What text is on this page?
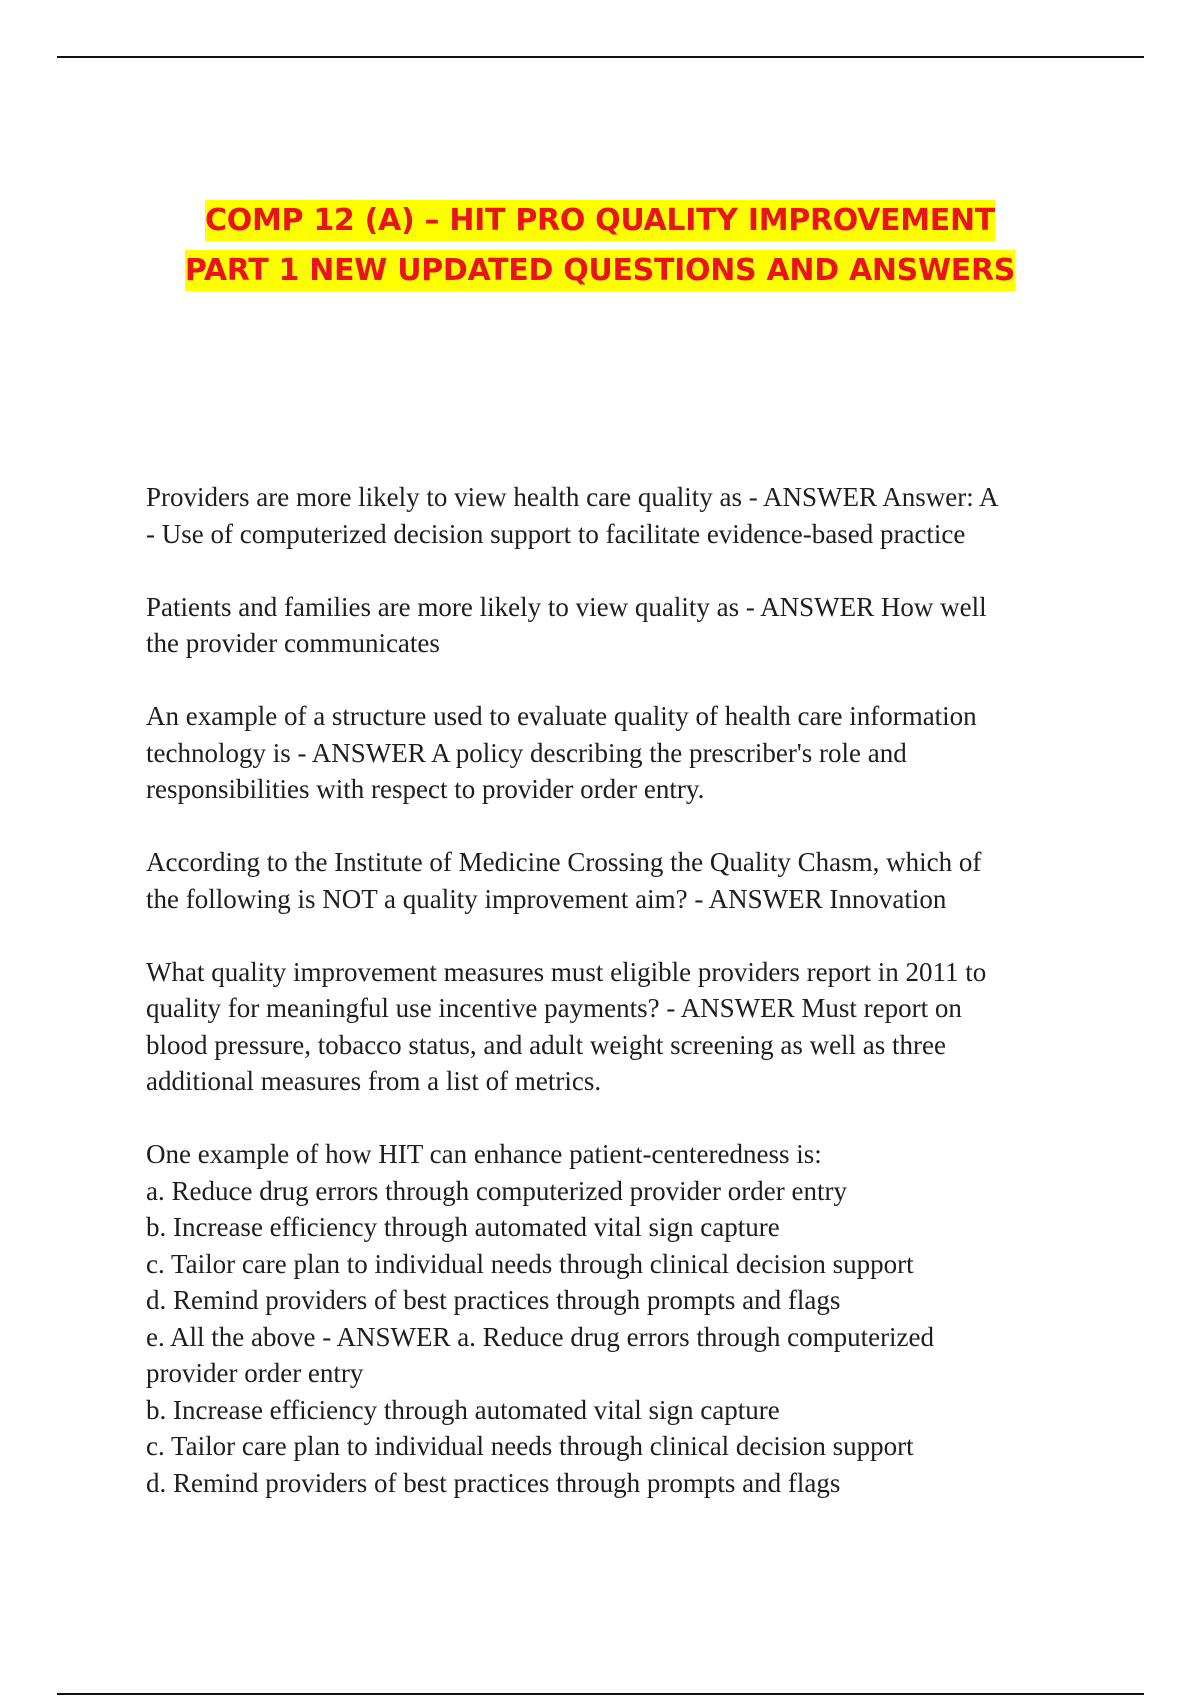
COMP 12 (A) – HIT PRO QUALITY IMPROVEMENT
PART 1 NEW UPDATED QUESTIONS AND ANSWERS
Providers are more likely to view health care quality as - ANSWER Answer: A
- Use of computerized decision support to facilitate evidence-based practice
Patients and families are more likely to view quality as - ANSWER How well
the provider communicates
An example of a structure used to evaluate quality of health care information
technology is - ANSWER A policy describing the prescriber's role and
responsibilities with respect to provider order entry.
According to the Institute of Medicine Crossing the Quality Chasm, which of
the following is NOT a quality improvement aim? - ANSWER Innovation
What quality improvement measures must eligible providers report in 2011 to
quality for meaningful use incentive payments? - ANSWER Must report on
blood pressure, tobacco status, and adult weight screening as well as three
additional measures from a list of metrics.
One example of how HIT can enhance patient-centeredness is:
a. Reduce drug errors through computerized provider order entry
b. Increase efficiency through automated vital sign capture
c. Tailor care plan to individual needs through clinical decision support
d. Remind providers of best practices through prompts and flags
e. All the above - ANSWER a. Reduce drug errors through computerized
provider order entry
b. Increase efficiency through automated vital sign capture
c. Tailor care plan to individual needs through clinical decision support
d. Remind providers of best practices through prompts and flags
